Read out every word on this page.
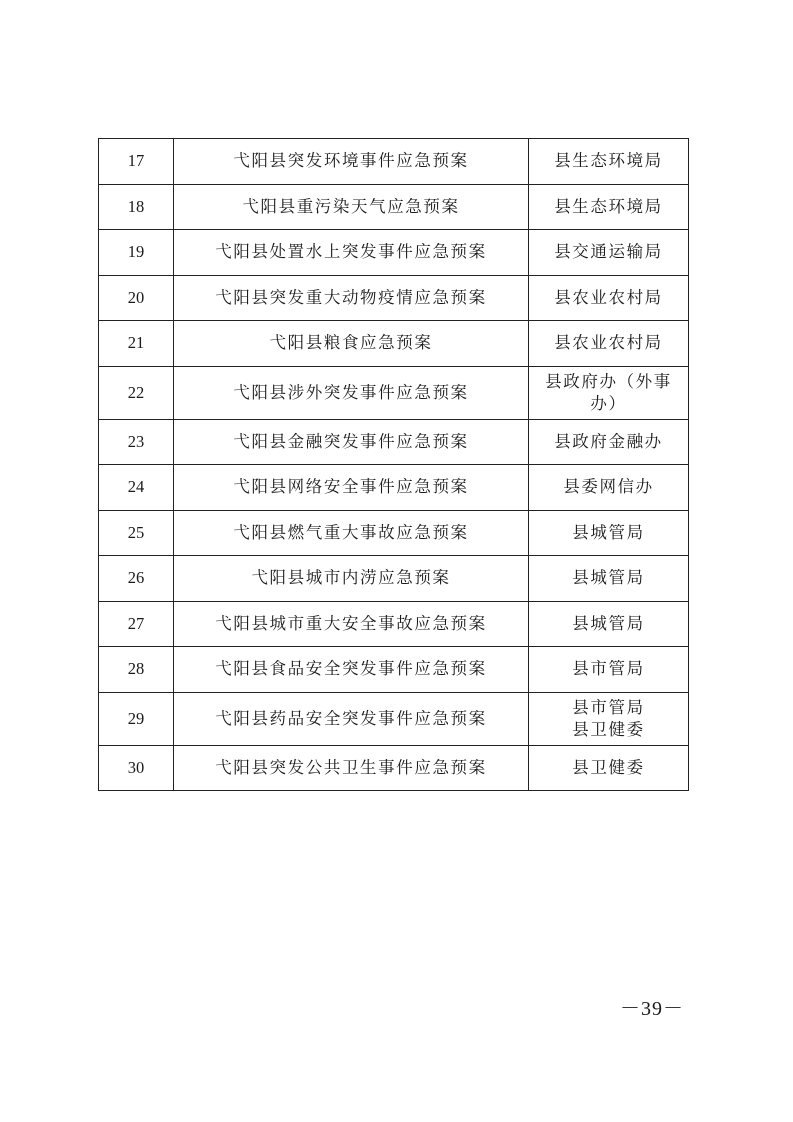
17	弋阳县突发环境事件应急预案	县生态环境局

18	弋阳县重污染天气应急预案	县生态环境局

19	弋阳县处置水上突发事件应急预案	县交通运输局

20	弋阳县突发重大动物疫情应急预案	县农业农村局

21	弋阳县粮食应急预案	县农业农村局

22	弋阳县涉外突发事件应急预案	县政府办（外事
办）

23	弋阳县金融突发事件应急预案	县政府金融办

24	弋阳县网络安全事件应急预案	县委网信办

25	弋阳县燃气重大事故应急预案	县城管局

26	弋阳县城市内涝应急预案	县城管局

27	弋阳县城市重大安全事故应急预案	县城管局

28	弋阳县食品安全突发事件应急预案	县市管局

29	弋阳县药品安全突发事件应急预案	县市管局
县卫健委

30	弋阳县突发公共卫生事件应急预案	县卫健委
－39－
